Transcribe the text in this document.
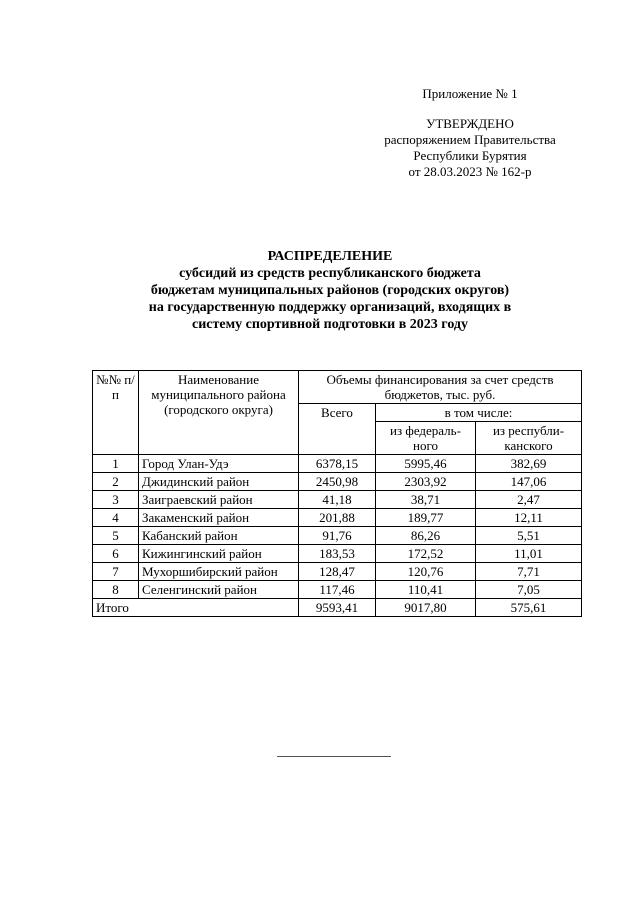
Приложение № 1
УТВЕРЖДЕНО
распоряжением Правительства
Республики Бурятия
от 28.03.2023 № 162-р
РАСПРЕДЕЛЕНИЕ
субсидий из средств республиканского бюджета
бюджетам муниципальных районов (городских округов)
на государственную поддержку организаций, входящих в
систему спортивной подготовки в 2023 году
№№ п/п	Наименование муниципального района (городского округа)	Объемы финансирования за счет средств бюджетов, тыс. руб.		
		Всего	в том числе:	
			из федераль-ного	из республи-канского
1	Город Улан-Удэ	6378,15	5995,46	382,69
2	Джидинский район	2450,98	2303,92	147,06
3	Заиграевский район	41,18	38,71	2,47
4	Закаменский район	201,88	189,77	12,11
5	Кабанский район	91,76	86,26	5,51
6	Кижингинский район	183,53	172,52	11,01
7	Мухоршибирский район	128,47	120,76	7,71
8	Селенгинский район	117,46	110,41	7,05
Итого		9593,41	9017,80	575,61
